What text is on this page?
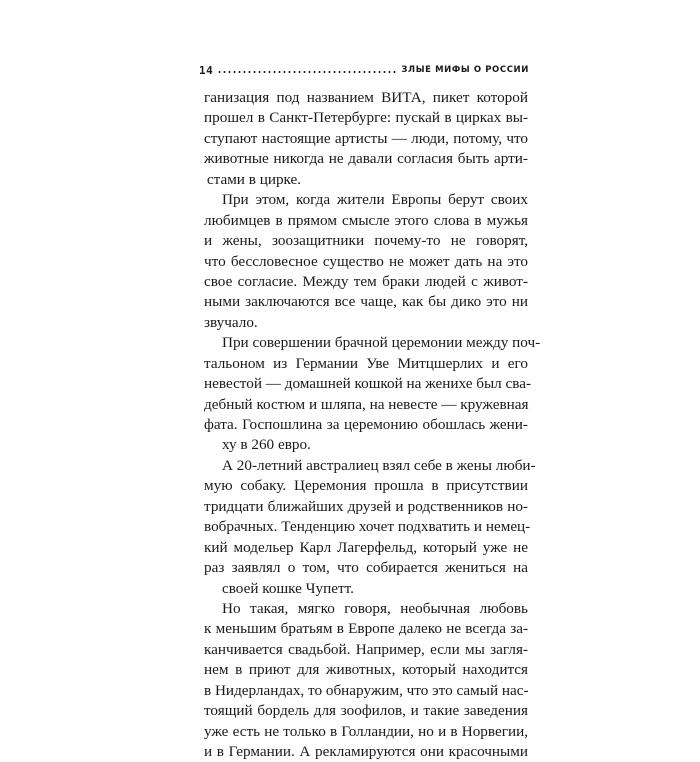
14	ЗЛЫЕ МИФЫ О РОССИИ

ганизация под названием ВИТА, пикет которой
прошел в Санкт-Петербурге: пускай в цирках вы-
ступают настоящие артисты — люди, потому, что
животные никогда не давали согласия быть арти-
стами в цирке.

При этом, когда жители Европы берут своих
любимцев в прямом смысле этого слова в мужья
и жены, зоозащитники почему-то не говорят,
что бессловесное существо не может дать на это
свое согласие. Между тем браки людей с живот-
ными заключаются все чаще, как бы дико это ни
звучало.

При совершении брачной церемонии между поч-
тальоном из Германии Уве Митцшерлих и его
невестой — домашней кошкой на женихе был сва-
дебный костюм и шляпа, на невесте — кружевная
фата. Госпошлина за церемонию обошлась жени-
ху в 260 евро.

А 20-летний австралиец взял себе в жены люби-
мую собаку. Церемония прошла в присутствии
тридцати ближайших друзей и родственников но-
вобрачных. Тенденцию хочет подхватить и немец-
кий модельер Карл Лагерфельд, который уже не
раз заявлял о том, что собирается жениться на
своей кошке Чупетт.

Но такая, мягко говоря, необычная любовь
к меньшим братьям в Европе далеко не всегда за-
канчивается свадьбой. Например, если мы загля-
нем в приют для животных, который находится
в Нидерландах, то обнаружим, что это самый нас-
тоящий бордель для зоофилов, и такие заведения
уже есть не только в Голландии, но и в Норвегии,
и в Германии. А рекламируются они красочными
